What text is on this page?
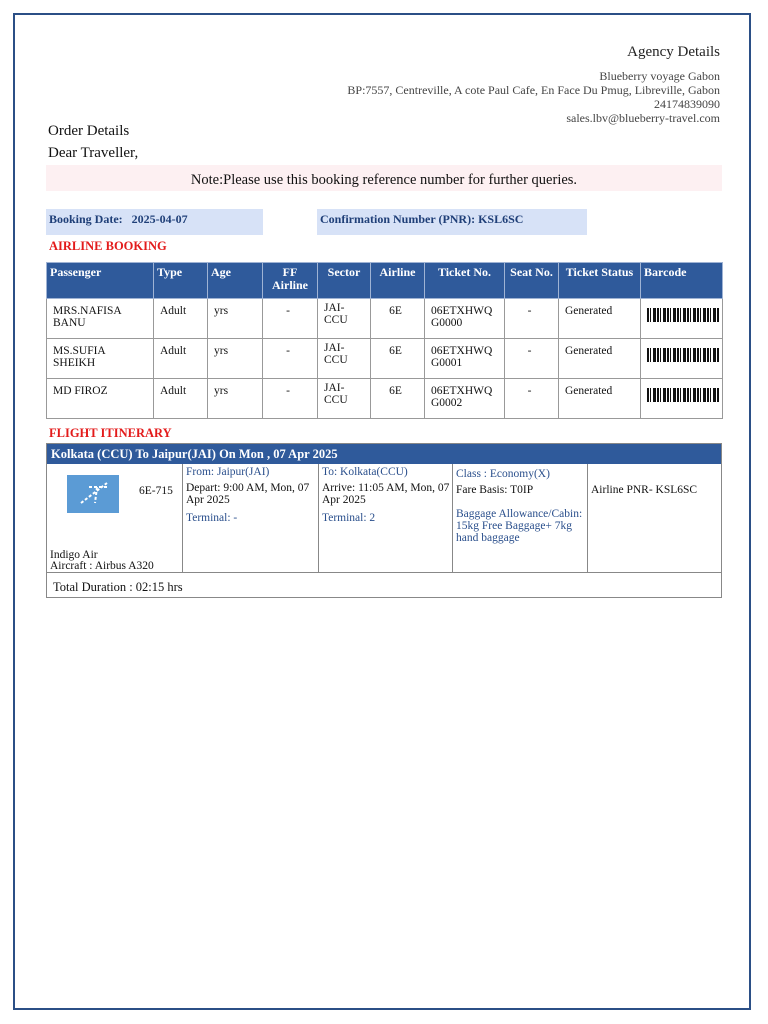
Agency Details
Blueberry voyage Gabon
BP:7557, Centreville, A cote Paul Cafe, En Face Du Pmug, Libreville, Gabon
24174839090
sales.lbv@blueberry-travel.com
Order Details
Dear Traveller,
Note:Please use this booking reference number for further queries.
Booking Date: 2025-04-07	Confirmation Number (PNR): KSL6SC
AIRLINE BOOKING
Passenger	Type	Age	FF Airline	Sector	Airline	Ticket No.	Seat No.	Ticket Status	Barcode
MRS.NAFISA BANU	Adult	yrs	-	JAI-CCU	6E	06ETXHWQ G0000	-	Generated	

MS.SUFIA SHEIKH	Adult	yrs	-	JAI-CCU	6E	06ETXHWQ G0001	-	Generated	

MD FIROZ	Adult	yrs	-	JAI-CCU	6E	06ETXHWQ G0002	-	Generated	
FLIGHT ITINERARY
Kolkata (CCU) To Jaipur(JAI) On Mon , 07 Apr 2025
6E-715
Indigo Air
Aircraft : Airbus A320
From: Jaipur(JAI)
Depart: 9:00 AM, Mon, 07 Apr 2025
Terminal: -
To: Kolkata(CCU)
Arrive: 11:05 AM, Mon, 07 Apr 2025
Terminal: 2
Class : Economy(X)
Fare Basis: T0IP
Baggage Allowance/Cabin: 15kg Free Baggage+ 7kg hand baggage
Airline PNR- KSL6SC
Total Duration : 02:15 hrs
